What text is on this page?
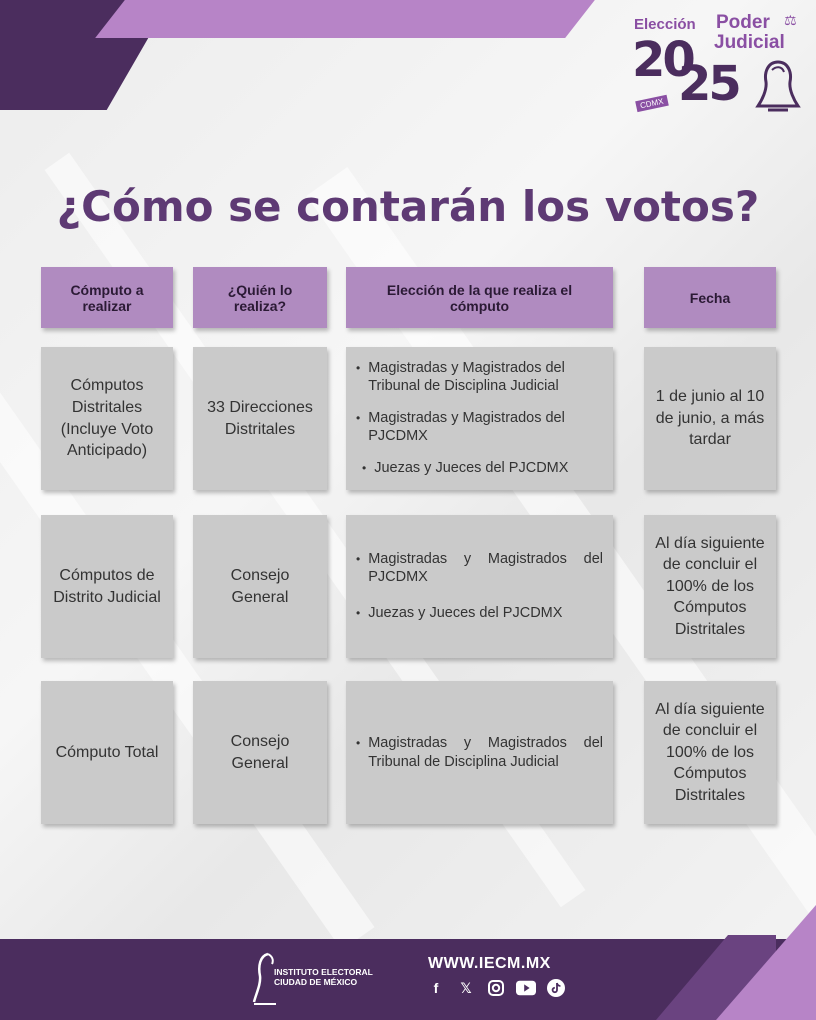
Elección Poder ⚖
Judicial
20
CDMX 25
¿Cómo se contarán los votos?
Cómputo a realizar
¿Quién lo realiza?
Elección de la que realiza el cómputo	Fecha
Cómputos Distritales (Incluye Voto Anticipado)
33 Direcciones Distritales
• Magistradas y Magistrados del Tribunal de Disciplina Judicial
• Magistradas y Magistrados del PJCDMX
• Juezas y Jueces del PJCDMX
1 de junio al 10 de junio, a más tardar
Cómputos de Distrito Judicial
Consejo General
• Magistradas y Magistrados del PJCDMX
• Juezas y Jueces del PJCDMX
Al día siguiente de concluir el 100% de los Cómputos Distritales
Cómputo Total
Consejo General
• Magistradas y Magistrados del Tribunal de Disciplina Judicial
Al día siguiente de concluir el 100% de los Cómputos Distritales
INSTITUTO ELECTORAL
CIUDAD DE MÉXICO
WWW.IECM.MX
f	𝕏
